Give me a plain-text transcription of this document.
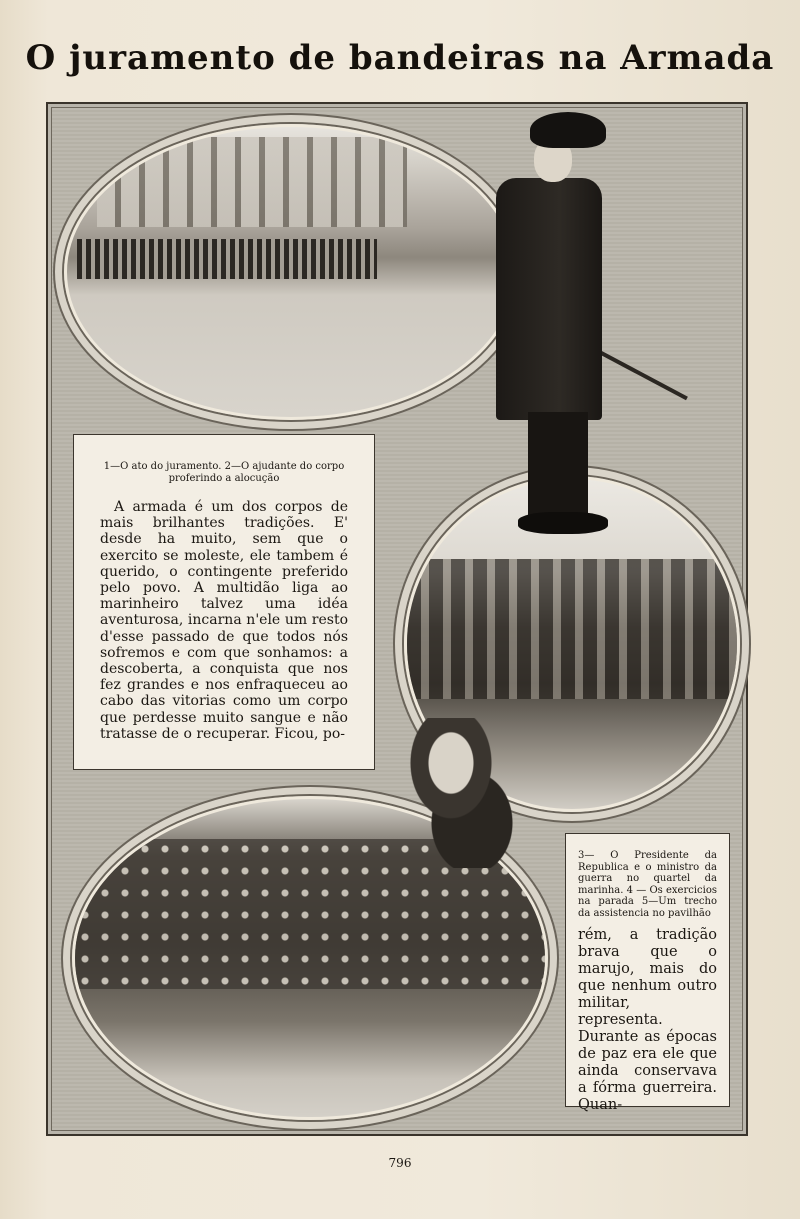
O juramento de bandeiras na Armada

1—O ato do juramento. 2—O ajudante do corpo proferindo a alocução

A armada é um dos corpos de mais brilhantes tradições. E' desde ha muito, sem que o exercito se moleste, ele tambem é querido, o contingente preferido pelo povo. A multidão liga ao marinheiro talvez uma idéa aventurosa, incarna n'ele um resto d'esse passado de que todos nós sofremos e com que sonhamos: a descoberta, a conquista que nos fez grandes e nos enfraqueceu ao cabo das vitorias como um corpo que perdesse muito sangue e não tratasse de o recuperar. Ficou, po-

3— O Presidente da Republica e o ministro da guerra no quartel da marinha. 4 — Os exercicios na parada 5—Um trecho da assistencia no pavilhão

rém, a tradição brava que o marujo, mais do que nenhum outro militar, representa. Durante as épocas de paz era ele que ainda conservava a fórma guerreira. Quan-

796
